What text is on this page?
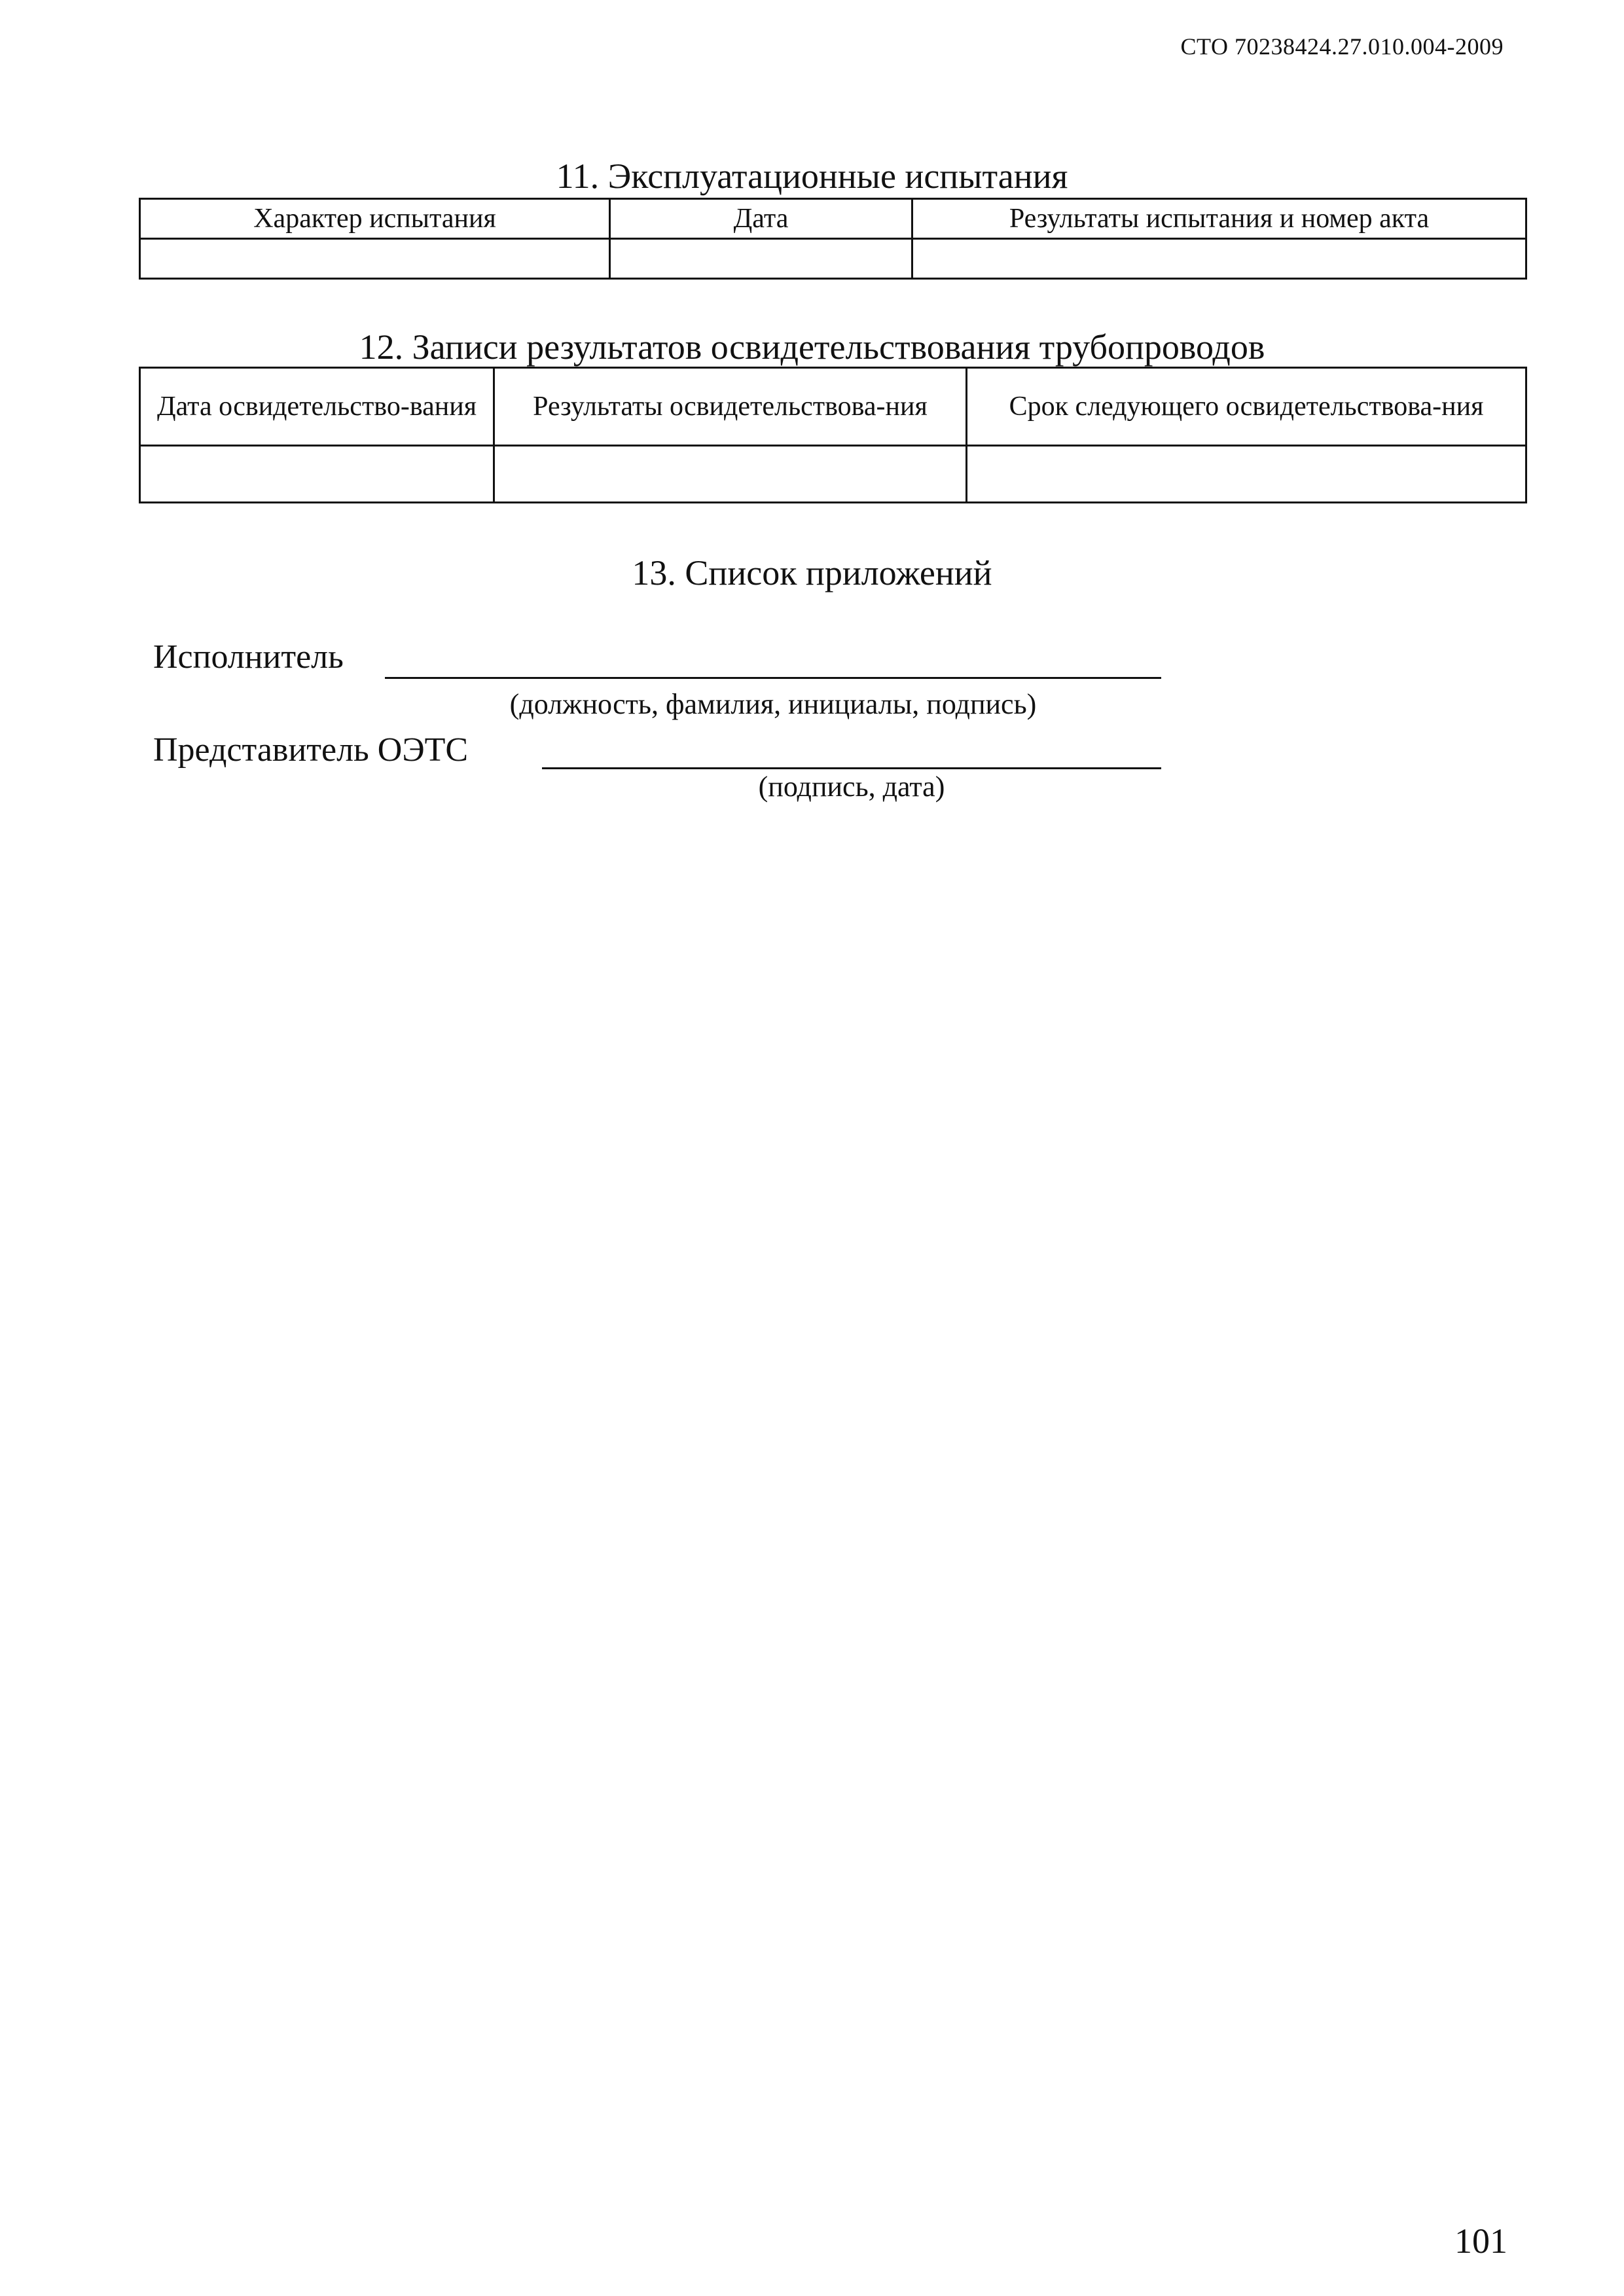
СТО 70238424.27.010.004-2009
11. Эксплуатационные испытания
Характер испытания	Дата	Результаты испытания и номер акта

12. Записи результатов освидетельствования трубопроводов
Дата освидетельство-вания	Результаты освидетельствова-ния	Срок следующего освидетельствова-ния

13. Список приложений
Исполнитель
(должность, фамилия, инициалы, подпись)
Представитель ОЭТС
(подпись, дата)
101
